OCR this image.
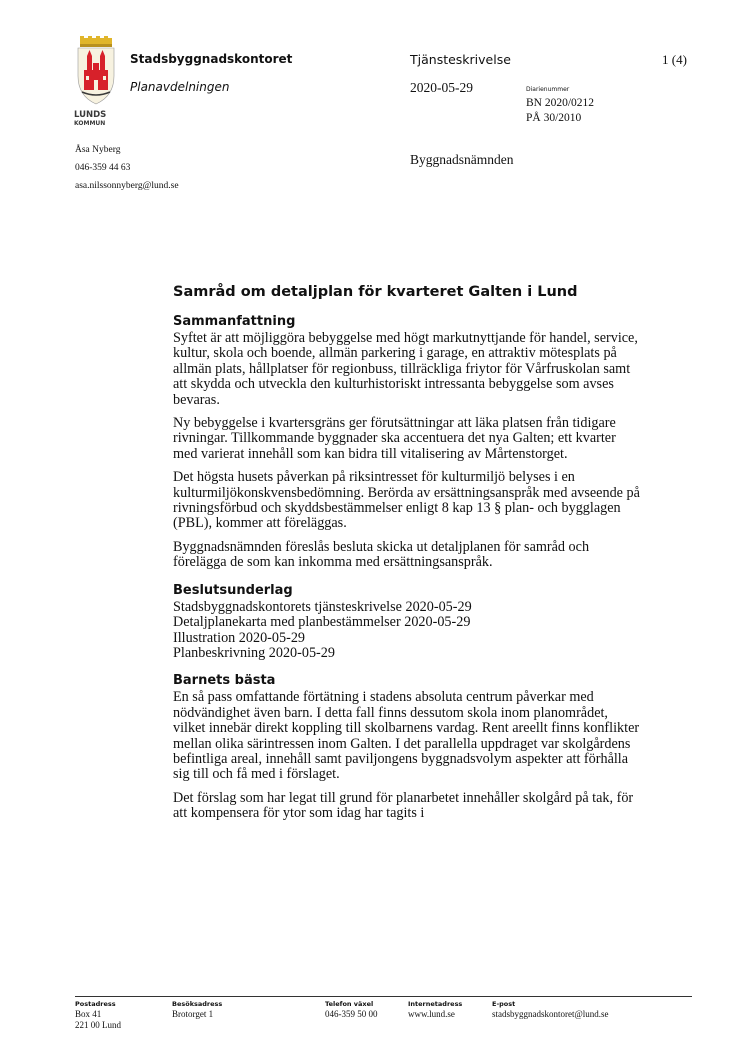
LUNDS
KOMMUN
Stadsbyggnadskontoret
Planavdelningen
Tjänsteskrivelse	1 (4)
2020-05-29	Diarienummer
BN 2020/0212
PÅ 30/2010
Byggnadsnämnden
Åsa Nyberg
046-359 44 63
asa.nilssonnyberg@lund.se
Samråd om detaljplan för kvarteret Galten i Lund
Sammanfattning

Syftet är att möjliggöra bebyggelse med högt markutnyttjande för handel, service, kultur, skola och boende, allmän parkering i garage, en attraktiv mötesplats på allmän plats, hållplatser för regionbuss, tillräckliga friytor för Vårfruskolan samt att skydda och utveckla den kulturhistoriskt intressanta bebyggelse som avses bevaras.

Ny bebyggelse i kvartersgräns ger förutsättningar att läka platsen från tidigare rivningar. Tillkommande byggnader ska accentuera det nya Galten; ett kvarter med varierat innehåll som kan bidra till vitalisering av Mårtenstorget.

Det högsta husets påverkan på riksintresset för kulturmiljö belyses i en kulturmiljökonskvensbedömning. Berörda av ersättningsanspråk med avseende på rivningsförbud och skyddsbestämmelser enligt 8 kap 13 § plan- och bygglagen (PBL), kommer att föreläggas.

Byggnadsnämnden föreslås besluta skicka ut detaljplanen för samråd och förelägga de som kan inkomma med ersättningsanspråk.

Beslutsunderlag
Stadsbyggnadskontorets tjänsteskrivelse 2020-05-29
Detaljplanekarta med planbestämmelser 2020-05-29
Illustration 2020-05-29
Planbeskrivning 2020-05-29
Barnets bästa

En så pass omfattande förtätning i stadens absoluta centrum påverkar med nödvändighet även barn. I detta fall finns dessutom skola inom planområdet, vilket innebär direkt koppling till skolbarnens vardag. Rent areellt finns konflikter mellan olika särintressen inom Galten. I det parallella uppdraget var skolgårdens befintliga areal, innehåll samt paviljongens byggnadsvolym aspekter att förhålla sig till och få med i förslaget.

Det förslag som har legat till grund för planarbetet innehåller skolgård på tak, för att kompensera för ytor som idag har tagits i

Postadress
Box 41
221 00 Lund
Besöksadress
Brotorget 1
Telefon växel
046-359 50 00
Internetadress
www.lund.se
E-post
stadsbyggnadskontoret@lund.se
